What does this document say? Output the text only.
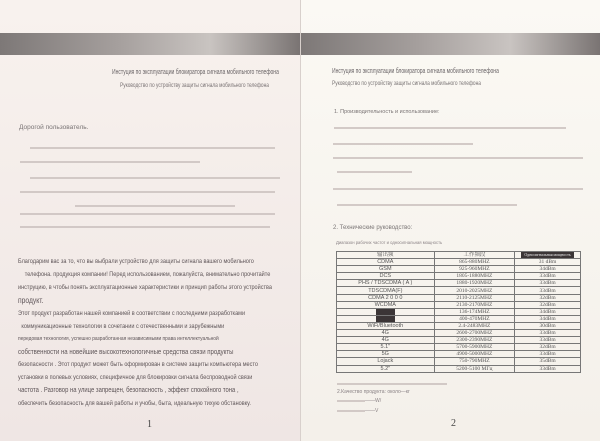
Инстуция по эксплуатации блокиратора сигнала мобильного телефона
Руководство по устройству защиты сигнала мобильного телефона
Дорогой пользователь.
Благодарим вас за то, что вы выбрали устройство для защиты сигнала вашего мобильного
телефона. продукция компании! Перед использованием, пожалуйста, внимательно прочитайте
инструцию, в чтобы понять эксплуатационные характеристики и принцип работы этого устройства
продукт.
Этот продукт разработан нашей компанией в соответствии с последними разработками
коммуникационные технологии в сочетании с отечественными и зарубежными
передовая технология, успешно разработанная независимыми права интеллектуальной
собственности на новейшие высокотехнологичные средства связи продукты
безопасности . Этот продукт может быть оформирован в системе защиты компьютера место
установки в полевых условиях, специфичное для блокировки сигнала беспроводной связи
частота . Разговор на улице запрещен, безопасность , эффект спокойного тона ,
обеспечить безопасность для вашей работы и учобы, быта, идеальную тихую обстановку.
1
Инстуция по эксплуатации блокиратора сигнала мобильного телефона
Руководство по устройству защиты сигнала мобильного телефона
1. Производительность и использование:
2. Технические руководство:
Диапазон рабочих частот и односигнальная мощность
2.Качество продукта: около—кг
——W/
——V
2
输出频	工作频段	Односигнальная мощность
CDMA	865-880MHZ	31 dBm
GSM	925-960MHZ	34dBm
DCS	1805-1880MHZ	33dBm
PHS / TDSCDMA ( A )	1880-1920MHZ	33dBm
TDSCDMA(F)	2010-2025MHZ	33dBm
CDMA 2 0 0 0	2110-2125MHZ	32dBm
WCDMA	2130-2170MHZ	32dBm
	136-174MHZ	34dBm
	400-470MHZ	34dBm
WiFi/Bluetooth	2.4-2483MHZ	30dBm
4G	2600-2700MHZ	33dBm
4G	2300-2390MHZ	33dBm
5.1"	5700-5900MHZ	32dBm
5G	4900-5000MHZ	33dBm
Lojack	750-790MHZ	35dBm
5.2"	5200-5100 МГц	33dBm
